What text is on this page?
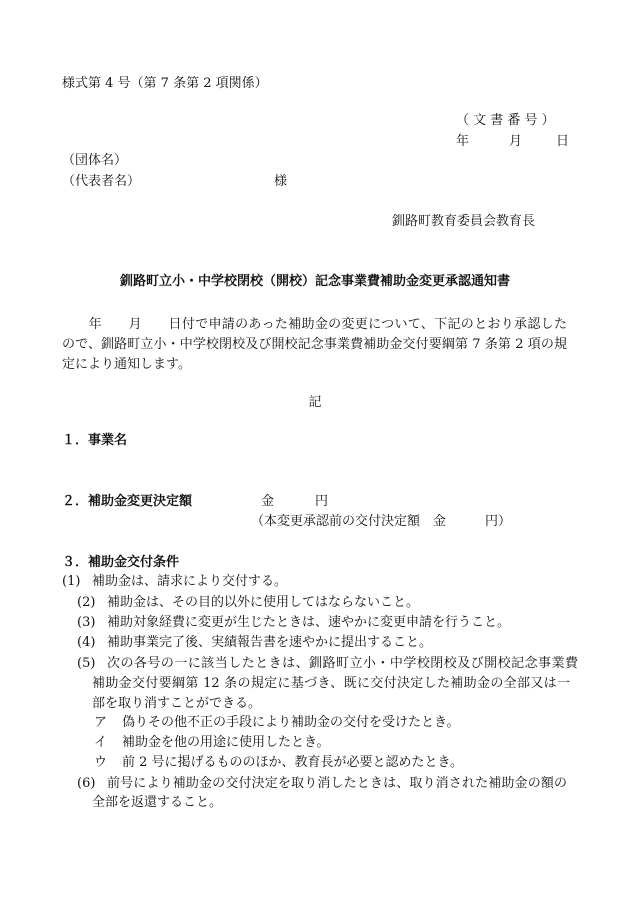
様式第 4 号（第 7 条第 2 項関係）
（ 文 書 番 号 ）
年	月	日
（団体名）
（代表者名）	様
釧路町教育委員会教育長
釧路町立小・中学校閉校（開校）記念事業費補助金変更承認通知書
　　年　　月　　日付で申請のあった補助金の変更について、下記のとおり承認した
ので、釧路町立小・中学校閉校及び開校記念事業費補助金交付要綱第 7 条第 2 項の規
定により通知します。
記
１．事業名
２．補助金変更決定額	金	円
（本変更承認前の交付決定額　金　　　円）
３．補助金交付条件
(1) 補助金は、請求により交付する。
(2) 補助金は、その目的以外に使用してはならないこと。
(3) 補助対象経費に変更が生じたときは、速やかに変更申請を行うこと。
(4) 補助事業完了後、実績報告書を速やかに提出すること。
(5) 次の各号の一に該当したときは、釧路町立小・中学校閉校及び開校記念事業費
補助金交付要綱第 12 条の規定に基づき、既に交付決定した補助金の全部又は一
部を取り消すことができる。
ア 偽りその他不正の手段により補助金の交付を受けたとき。
イ 補助金を他の用途に使用したとき。
ウ 前 2 号に掲げるもののほか、教育長が必要と認めたとき。
(6) 前号により補助金の交付決定を取り消したときは、取り消された補助金の額の
全部を返還すること。
